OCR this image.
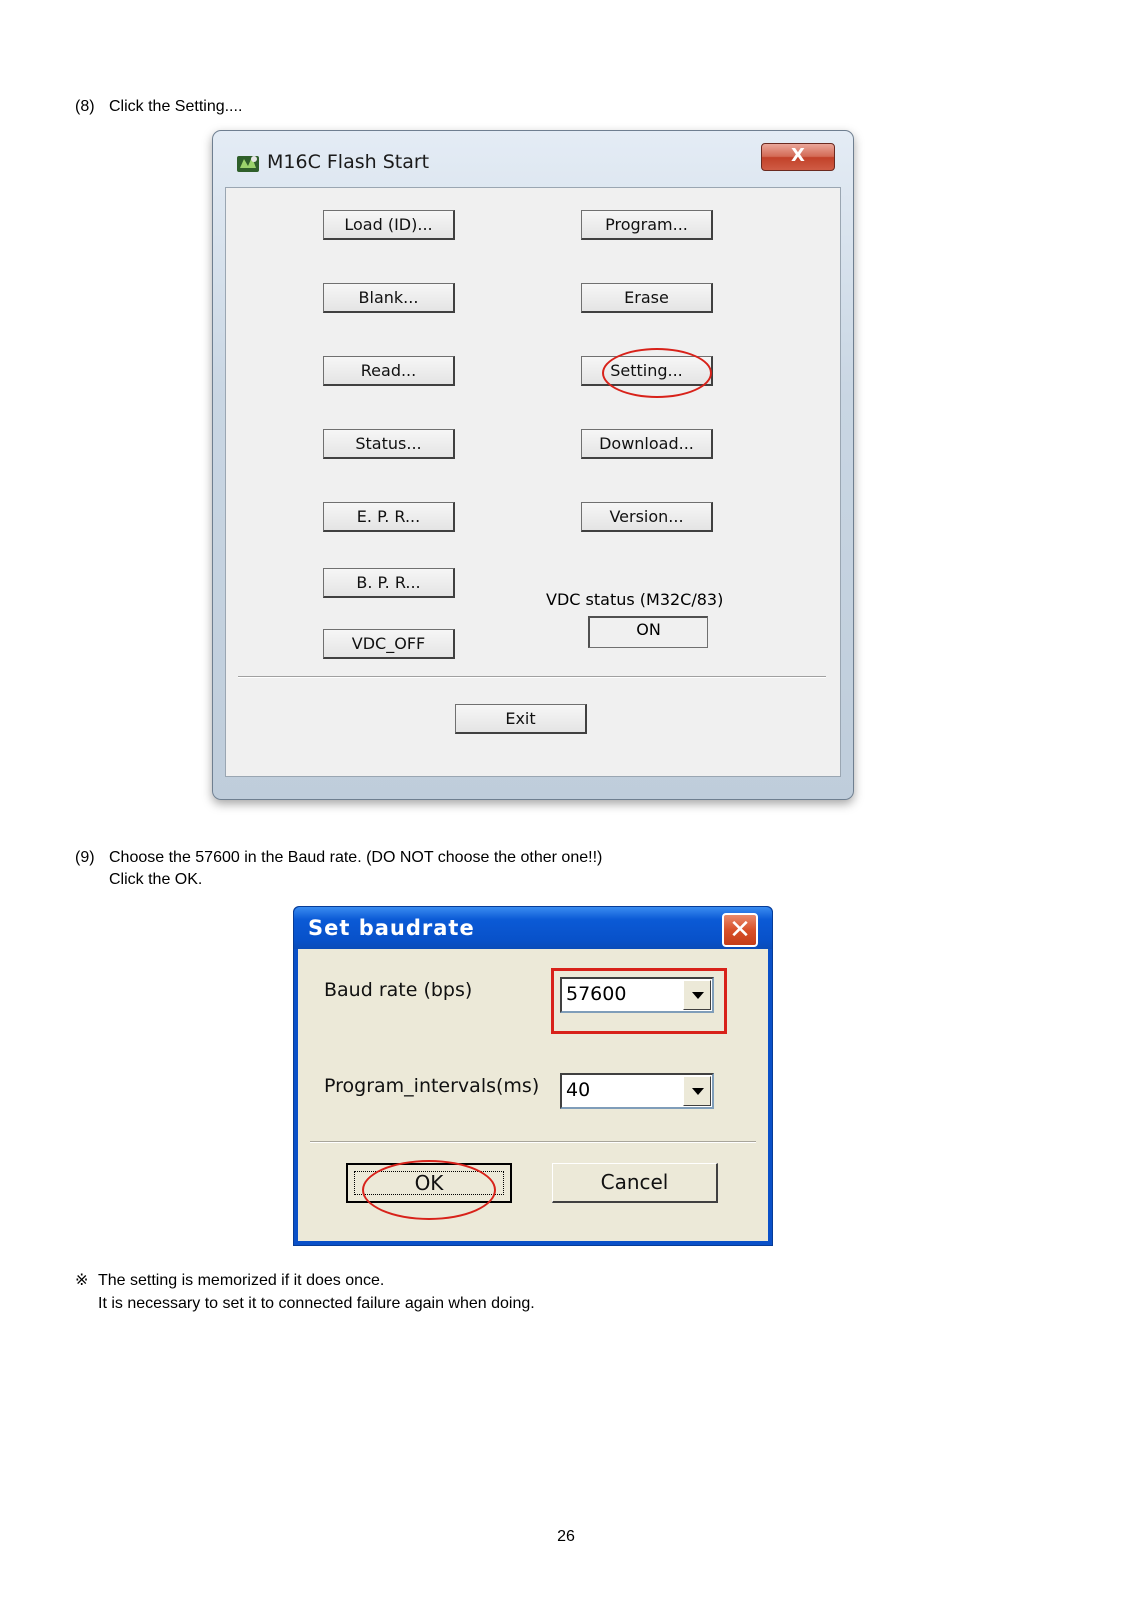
(8) Click the Setting....
M16C Flash Start	X
Load (ID)...	Program...
Blank...	Erase
Read...	Setting...
Status...	Download...
E. P. R...	Version...
B. P. R...
VDC status (M32C/83)
ON
VDC_OFF
Exit
(9) Choose the 57600 in the Baud rate. (DO NOT choose the other one!!)
Click the OK.
Set baudrate	✕
Baud rate (bps)	57600
Program_intervals(ms) 40
OK	Cancel
※ The setting is memorized if it does once.
It is necessary to set it to connected failure again when doing.
26
